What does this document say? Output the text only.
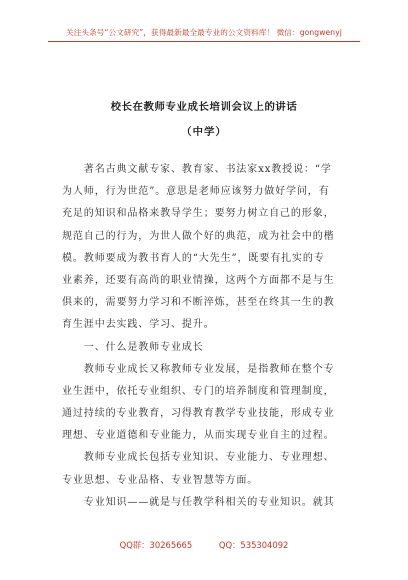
关注头条号“公文研究”，获得最新最全最专业的公文资料库！ 微信：gongwenyj
校长在教师专业成长培训会议上的讲话
（中学）
　　著名古典文献专家、教育家、书法家xx教授说：“学
为人师，行为世范”。意思是老师应该努力做好学问，有
充足的知识和品格来教导学生；要努力树立自己的形象，
规范自己的行为，为世人做个好的典范，成为社会中的楷
模。教师要成为教书育人的“大先生”，既要有扎实的专
业素养，还要有高尚的职业情操，这两个方面都不是与生
俱来的，需要努力学习和不断淬炼，甚至在终其一生的教
育生涯中去实践、学习、提升。
　　一、什么是教师专业成长
　　教师专业成长又称教师专业发展，是指教师在整个专
业生涯中，依托专业组织、专门的培养制度和管理制度，
通过持续的专业教育，习得教育教学专业技能，形成专业
理想、专业道德和专业能力，从而实现专业自主的过程。
　　教师专业成长包括专业知识、专业能力、专业理想、
专业思想、专业品格、专业智慧等方面。
　　专业知识——就是与任教学科相关的专业知识。就其
QQ群：30265665	QQ：535304092
